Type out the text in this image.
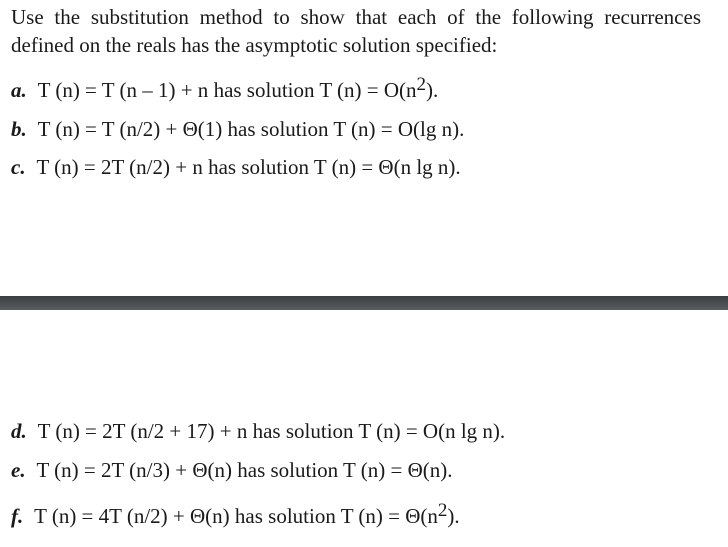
Use the substitution method to show that each of the following recurrences defined on the reals has the asymptotic solution specified:

a. T (n) = T (n – 1) + n has solution T $(n) = O(n^2)$.

b. T (n) = T (n/2) + Θ(1) has solution T (n) = O(lg n).

c. T (n) = 2T (n/2) + n has solution T (n) = Θ(n lg n).

d. T (n) = 2T (n/2 + 17) + n has solution T (n) = O(n lg n).

e. T (n) = 2T (n/3) + Θ(n) has solution T (n) = Θ(n).

f. T (n) = 4T (n/2) + Θ(n) has solution T $(n) = \Theta(n^2)$.
